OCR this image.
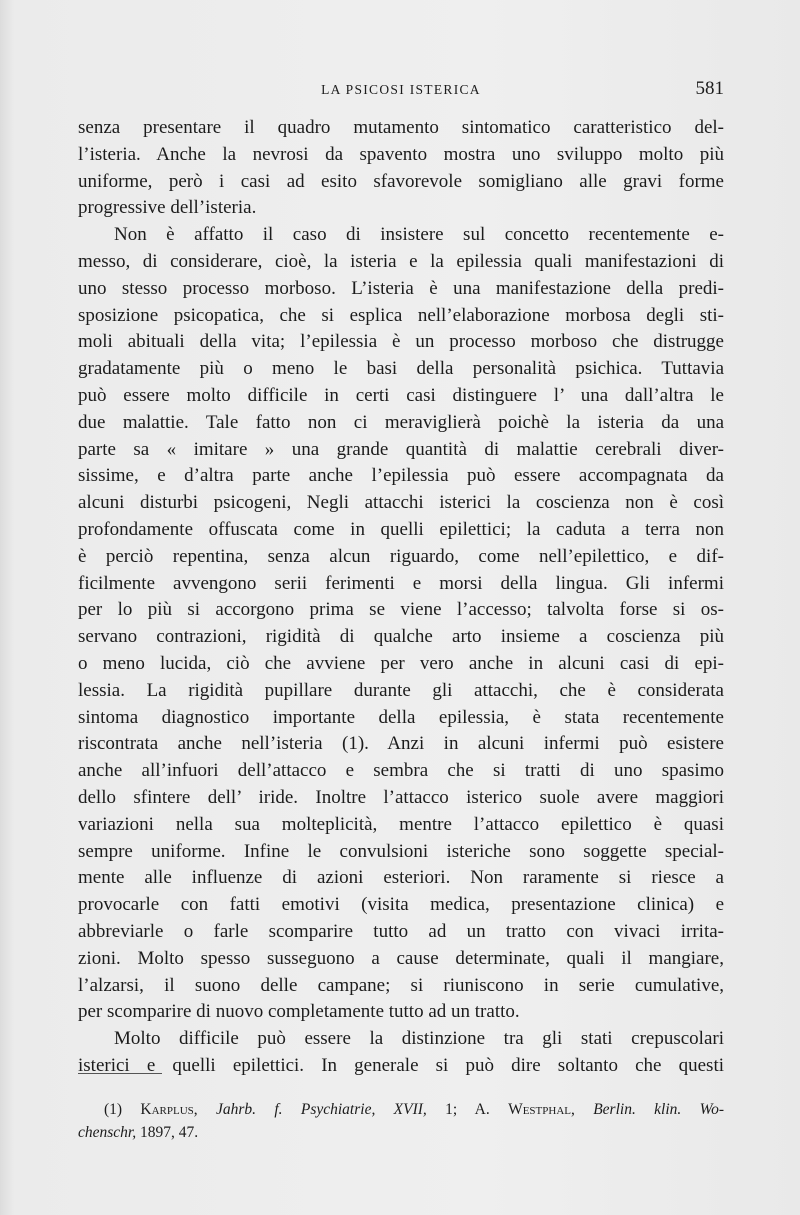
LA PSICOSI ISTERICA	581
senza presentare il quadro mutamento sintomatico caratteristico del-
l’isteria. Anche la nevrosi da spavento mostra uno sviluppo molto più
uniforme, però i casi ad esito sfavorevole somigliano alle gravi forme
progressive dell’isteria.
Non è affatto il caso di insistere sul concetto recentemente e-
messo, di considerare, cioè, la isteria e la epilessia quali manifestazioni di
uno stesso processo morboso. L’isteria è una manifestazione della predi-
sposizione psicopatica, che si esplica nell’elaborazione morbosa degli sti-
moli abituali della vita; l’epilessia è un processo morboso che distrugge
gradatamente più o meno le basi della personalità psichica. Tuttavia
può essere molto difficile in certi casi distinguere l’ una dall’altra le
due malattie. Tale fatto non ci meraviglierà poichè la isteria da una
parte sa « imitare » una grande quantità di malattie cerebrali diver-
sissime, e d’altra parte anche l’epilessia può essere accompagnata da
alcuni disturbi psicogeni, Negli attacchi isterici la coscienza non è così
profondamente offuscata come in quelli epilettici; la caduta a terra non
è perciò repentina, senza alcun riguardo, come nell’epilettico, e dif-
ficilmente avvengono serii ferimenti e morsi della lingua. Gli infermi
per lo più si accorgono prima se viene l’accesso; talvolta forse si os-
servano contrazioni, rigidità di qualche arto insieme a coscienza più
o meno lucida, ciò che avviene per vero anche in alcuni casi di epi-
lessia. La rigidità pupillare durante gli attacchi, che è considerata
sintoma diagnostico importante della epilessia, è stata recentemente
riscontrata anche nell’isteria (1). Anzi in alcuni infermi può esistere
anche all’infuori dell’attacco e sembra che si tratti di uno spasimo
dello sfintere dell’ iride. Inoltre l’attacco isterico suole avere maggiori
variazioni nella sua molteplicità, mentre l’attacco epilettico è quasi
sempre uniforme. Infine le convulsioni isteriche sono soggette special-
mente alle influenze di azioni esteriori. Non raramente si riesce a
provocarle con fatti emotivi (visita medica, presentazione clinica) e
abbreviarle o farle scomparire tutto ad un tratto con vivaci irrita-
zioni. Molto spesso susseguono a cause determinate, quali il mangiare,
l’alzarsi, il suono delle campane; si riuniscono in serie cumulative,
per scomparire di nuovo completamente tutto ad un tratto.
Molto difficile può essere la distinzione tra gli stati crepuscolari
isterici e quelli epilettici. In generale si può dire soltanto che questi
(1) Karplus, Jahrb. f. Psychiatrie, XVII, 1; A. Westphal, Berlin. klin. Wo-
chenschr, 1897, 47.
